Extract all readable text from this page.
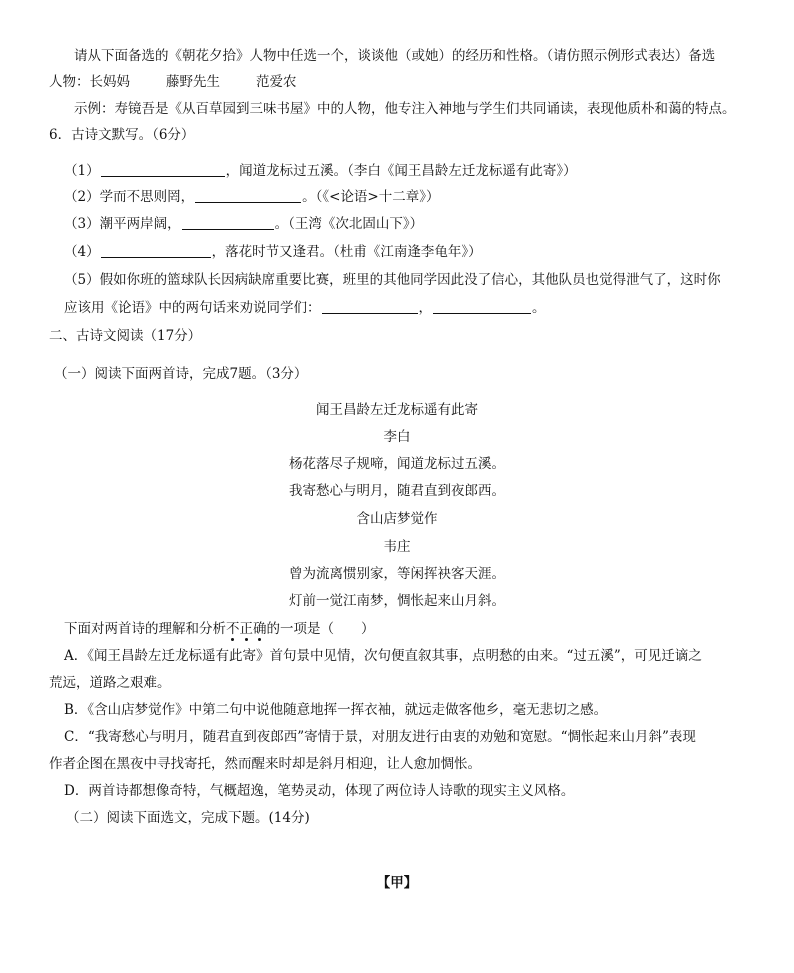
请从下面备选的《朝花夕拾》人物中任选一个，谈谈他（或她）的经历和性格。（请仿照示例形式表达）备选
人物：长妈妈	藤野先生	范爱农
示例：寿镜吾是《从百草园到三味书屋》中的人物，他专注入神地与学生们共同诵读，表现他质朴和蔼的特点。
6．古诗文默写。（6分）
（1）	，闻道龙标过五溪。（李白《闻王昌龄左迁龙标遥有此寄》）
（2）学而不思则罔，	。（《<论语>十二章》）
（3）潮平两岸阔，	。（王湾《次北固山下》）
（4）	，落花时节又逢君。（杜甫《江南逢李龟年》）
（5）假如你班的篮球队长因病缺席重要比赛，班里的其他同学因此没了信心，其他队员也觉得泄气了，这时你
应该用《论语》中的两句话来劝说同学们：	，	。
二、古诗文阅读（17分）
（一）阅读下面两首诗，完成7题。（3分）
闻王昌龄左迁龙标遥有此寄
李白
杨花落尽子规啼，闻道龙标过五溪。
我寄愁心与明月，随君直到夜郎西。
含山店梦觉作
韦庄
曾为流离惯别家，等闲挥袂客天涯。
灯前一觉江南梦，惆怅起来山月斜。
下面对两首诗的理解和分析不正确的一项是（　　）
A．《闻王昌龄左迁龙标遥有此寄》首句景中见情，次句便直叙其事，点明愁的由来。“过五溪”，可见迁谪之
荒远，道路之艰难。
B．《含山店梦觉作》中第二句中说他随意地挥一挥衣袖，就远走做客他乡，毫无悲切之感。
C．“我寄愁心与明月，随君直到夜郎西”寄情于景，对朋友进行由衷的劝勉和宽慰。“惆怅起来山月斜”表现
作者企图在黑夜中寻找寄托，然而醒来时却是斜月相迎，让人愈加惆怅。
D．两首诗都想像奇特，气概超逸，笔势灵动，体现了两位诗人诗歌的现实主义风格。
（二）阅读下面选文，完成下题。(14分)
【甲】
